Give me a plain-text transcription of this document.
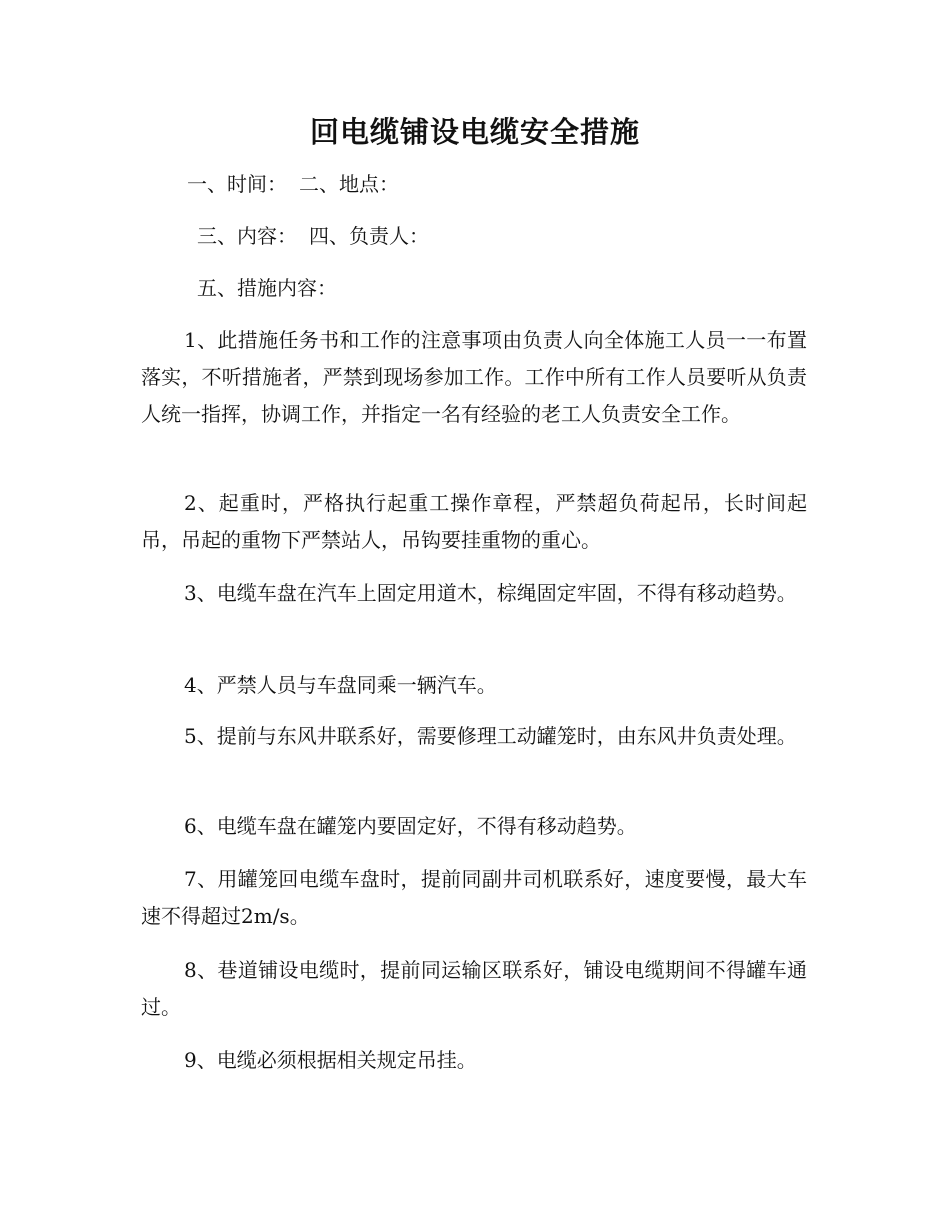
回电缆铺设电缆安全措施
一、时间： 二、地点：
三、内容： 四、负责人：
五、措施内容：

1、此措施任务书和工作的注意事项由负责人向全体施工人员一一布置落实，不听措施者，严禁到现场参加工作。工作中所有工作人员要听从负责人统一指挥，协调工作，并指定一名有经验的老工人负责安全工作。

2、起重时，严格执行起重工操作章程，严禁超负荷起吊，长时间起吊，吊起的重物下严禁站人，吊钩要挂重物的重心。

3、电缆车盘在汽车上固定用道木，棕绳固定牢固，不得有移动趋势。

4、严禁人员与车盘同乘一辆汽车。

5、提前与东风井联系好，需要修理工动罐笼时，由东风井负责处理。

6、电缆车盘在罐笼内要固定好，不得有移动趋势。

7、用罐笼回电缆车盘时，提前同副井司机联系好，速度要慢，最大车速不得超过2m/s。

8、巷道铺设电缆时，提前同运输区联系好，铺设电缆期间不得罐车通过。

9、电缆必须根据相关规定吊挂。
